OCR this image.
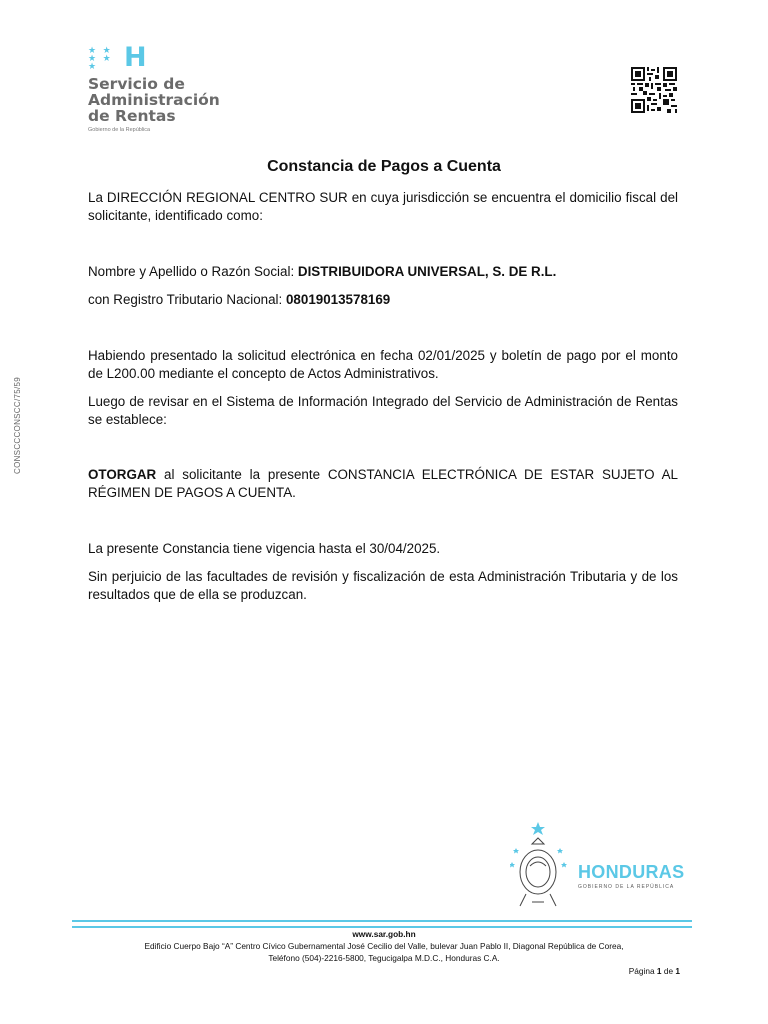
★ ★
★ ★ ★ H
Servicio de
Administración
de Rentas
Gobierno de la República
CONSCCCONSCC/75/59
Constancia de Pagos a Cuenta

La DIRECCIÓN REGIONAL CENTRO SUR en cuya jurisdicción se encuentra el domicilio fiscal del solicitante, identificado como:

Nombre y Apellido o Razón Social: DISTRIBUIDORA UNIVERSAL, S. DE R.L.

con Registro Tributario Nacional: 08019013578169

Habiendo presentado la solicitud electrónica en fecha 02/01/2025 y boletín de pago por el monto de L200.00 mediante el concepto de Actos Administrativos.

Luego de revisar en el Sistema de Información Integrado del Servicio de Administración de Rentas se establece:

OTORGAR al solicitante la presente CONSTANCIA ELECTRÓNICA DE ESTAR SUJETO AL RÉGIMEN DE PAGOS A CUENTA.

La presente Constancia tiene vigencia hasta el 30/04/2025.

Sin perjuicio de las facultades de revisión y fiscalización de esta Administración Tributaria y de los resultados que de ella se produzcan.

HONDURAS
GOBIERNO DE LA REPÚBLICA
www.sar.gob.hn
Edificio Cuerpo Bajo “A” Centro Cívico Gubernamental José Cecilio del Valle, bulevar Juan Pablo II, Diagonal República de Corea,
Teléfono (504)-2216-5800, Tegucigalpa M.D.C., Honduras C.A.
Página 1 de 1
